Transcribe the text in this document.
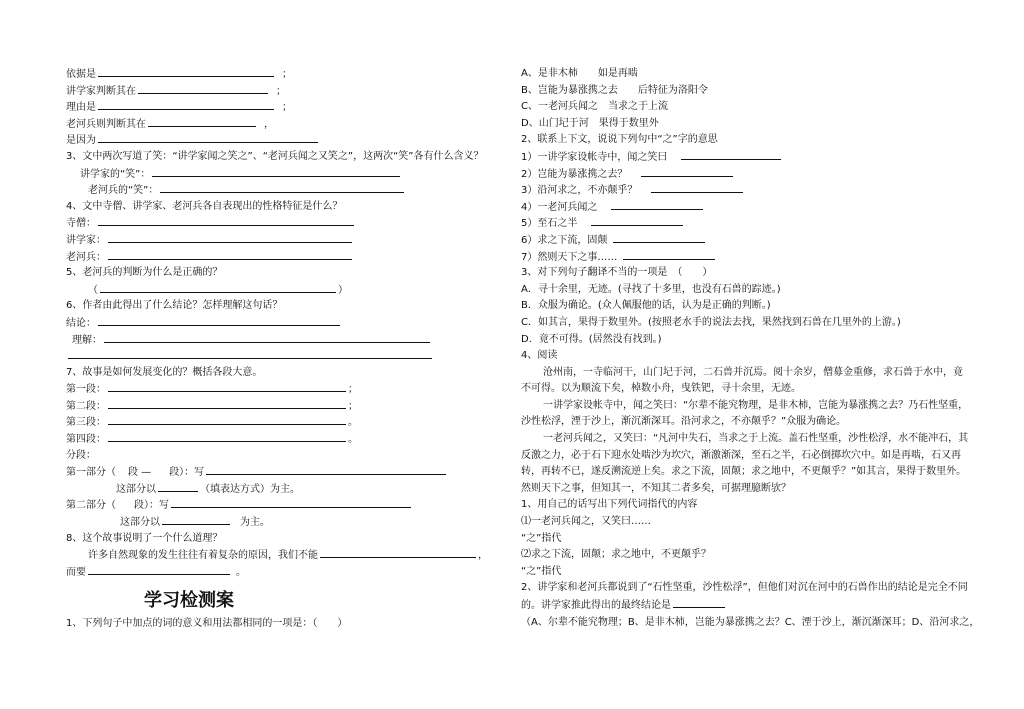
依据是	；
讲学家判断其在	；
理由是	；
老河兵则判断其在	，
是因为
3、文中两次写道了笑：“讲学家闻之笑之”、“老河兵闻之又笑之”，这两次“笑”各有什么含义？
讲学家的“笑”：
老河兵的“笑”：
4、文中寺僧、讲学家、老河兵各自表现出的性格特征是什么？
寺僧：
讲学家：
老河兵：
5、老河兵的判断为什么是正确的？
（	）
6、作者由此得出了什么结论？怎样理解这句话？
结论：
理解：
7、故事是如何发展变化的？概括各段大意。
第一段：	；
第二段：	；
第三段：	。
第四段：	。
分段：
第一部分（ 段 — 段）：写
这部分以	（填表达方式）为主。
第二部分（ 段）：写
这部分以	为主。
8、这个故事说明了一个什么道理？
许多自然现象的发生往往有着复杂的原因，我们不能	，
而要	。
学习检测案
1、下列句子中加点的词的意义和用法都相同的一项是：（　　）
A、是非木柿　　如是再啮
B、岂能为暴涨携之去　　后特征为洛阳令
C、一老河兵闻之　当求之于上流
D、山门圮于河　果得于数里外
2、联系上下文，说说下列句中“之”字的意思
1）一讲学家设帐寺中，闻之笑曰
2）岂能为暴涨携之去？
3）沿河求之，不亦颠乎？
4）一老河兵闻之
5）至石之半
6）求之下流，固颠
7）然则天下之事……
3、对下列句子翻译不当的一项是　（　　）
A．寻十余里，无迹。(寻找了十多里，也没有石兽的踪迹。)
B．众服为确论。(众人佩服他的话，认为是正确的判断。)
C．如其言，果得于数里外。(按照老水手的说法去找，果然找到石兽在几里外的上游。)
D．竟不可得。(居然没有找到。)
4、阅读
沧州南，一寺临河干，山门圮于河，二石兽并沉焉。阅十余岁，僧募金重修，求石兽于水中，竟不可得。以为顺流下矣，棹数小舟，曳铁钯，寻十余里，无迹。
一讲学家设帐寺中，闻之笑曰：“尔辈不能究物理，是非木柿，岂能为暴涨携之去？乃石性坚重，沙性松浮，湮于沙上，渐沉渐深耳。沿河求之，不亦颠乎？”众服为确论。
一老河兵闻之，又笑曰：“凡河中失石，当求之于上流。盖石性坚重，沙性松浮，水不能冲石，其反激之力，必于石下迎水处啮沙为坎穴，渐激渐深，至石之半，石必倒掷坎穴中。如是再啮，石又再转，再转不已，遂反溯流逆上矣。求之下流，固颠；求之地中，不更颠乎？”如其言，果得于数里外。
然则天下之事，但知其一，不知其二者多矣，可据理臆断欤？
1、用自己的话写出下列代词指代的内容
⑴一老河兵闻之，又笑曰……
“之”指代
⑵求之下流，固颠；求之地中，不更颠乎？
“之”指代
2、讲学家和老河兵都说到了“石性坚重，沙性松浮”，但他们对沉在河中的石兽作出的结论是完全不同的。讲学家推此得出的最终结论是
（A、尔辈不能究物理；B、是非木柿，岂能为暴涨携之去？C、湮于沙上，渐沉渐深耳；D、沿河求之，
